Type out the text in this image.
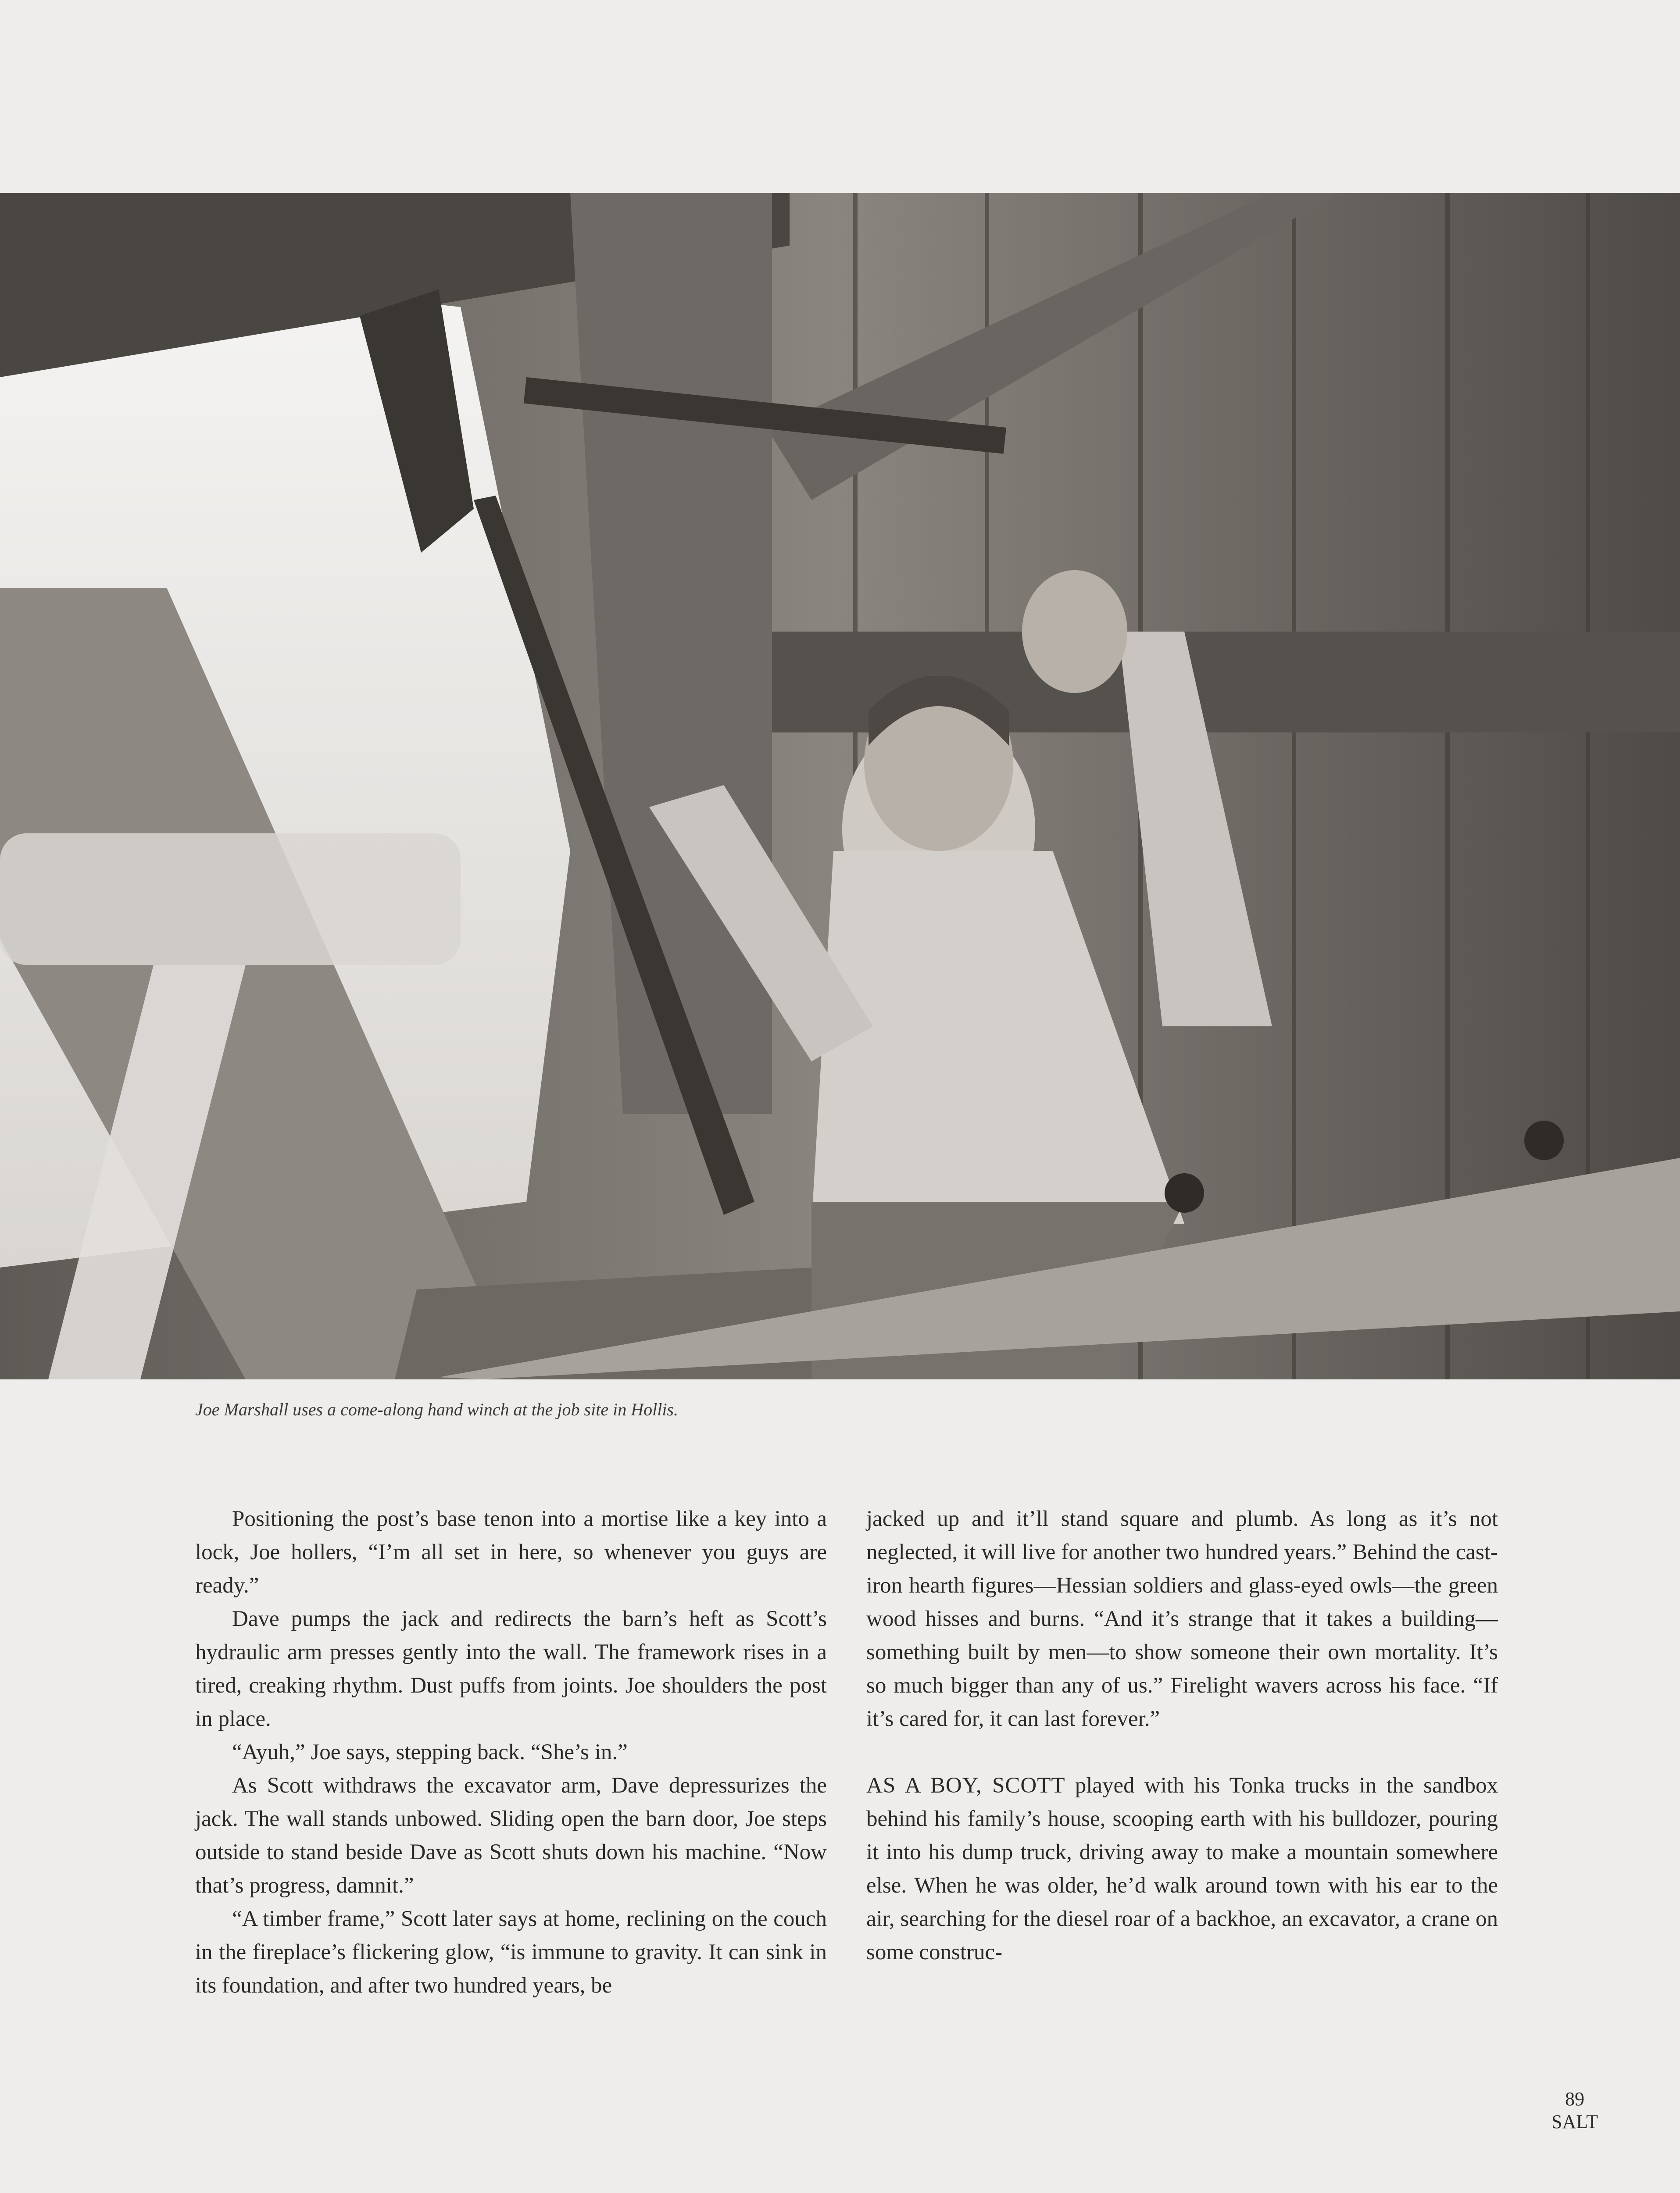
Joe Marshall uses a come-along hand winch at the job site in Hollis.

Positioning the post’s base tenon into a mortise like a key into a lock, Joe hollers, “I’m all set in here, so whenever you guys are ready.”

Dave pumps the jack and redirects the barn’s heft as Scott’s hydraulic arm presses gently into the wall. The framework rises in a tired, creaking rhythm. Dust puffs from joints. Joe shoulders the post in place.

“Ayuh,” Joe says, stepping back. “She’s in.”

As Scott withdraws the excavator arm, Dave depressurizes the jack. The wall stands unbowed. Sliding open the barn door, Joe steps outside to stand beside Dave as Scott shuts down his machine. “Now that’s progress, damnit.”

“A timber frame,” Scott later says at home, reclining on the couch in the fireplace’s flickering glow, “is immune to gravity. It can sink in its foundation, and after two hundred years, be

jacked up and it’ll stand square and plumb. As long as it’s not neglected, it will live for another two hundred years.” Behind the cast-iron hearth figures—Hessian soldiers and glass-eyed owls—the green wood hisses and burns. “And it’s strange that it takes a building—something built by men—to show someone their own mortality. It’s so much bigger than any of us.” Firelight wavers across his face. “If it’s cared for, it can last forever.”

AS A BOY, SCOTT played with his Tonka trucks in the sandbox behind his family’s house, scooping earth with his bulldozer, pouring it into his dump truck, driving away to make a mountain somewhere else. When he was older, he’d walk around town with his ear to the air, searching for the diesel roar of a backhoe, an excavator, a crane on some construc-

89
SALT
